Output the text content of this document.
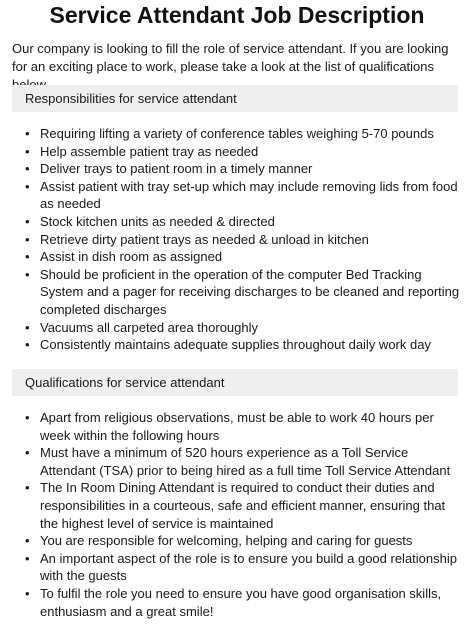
Service Attendant Job Description

Our company is looking to fill the role of service attendant. If you are looking for an exciting place to work, please take a look at the list of qualifications

Responsibilities for service attendant
• Requiring lifting a variety of conference tables weighing 5-70 pounds
• Help assemble patient tray as needed
• Deliver trays to patient room in a timely manner
• Assist patient with tray set-up which may include removing lids from food as needed
• Stock kitchen units as needed & directed
• Retrieve dirty patient trays as needed & unload in kitchen
• Assist in dish room as assigned
• Should be proficient in the operation of the computer Bed Tracking System and a pager for receiving discharges to be cleaned and reporting completed discharges
• Vacuums all carpeted area thoroughly
• Consistently maintains adequate supplies throughout daily work day
Qualifications for service attendant
• Apart from religious observations, must be able to work 40 hours per week within the following hours
• Must have a minimum of 520 hours experience as a Toll Service Attendant (TSA) prior to being hired as a full time Toll Service Attendant
• The In Room Dining Attendant is required to conduct their duties and responsibilities in a courteous, safe and efficient manner, ensuring that the highest level of service is maintained
• You are responsible for welcoming, helping and caring for guests
• An important aspect of the role is to ensure you build a good relationship with the guests
• To fulfil the role you need to ensure you have good organisation skills, enthusiasm and a great smile!
